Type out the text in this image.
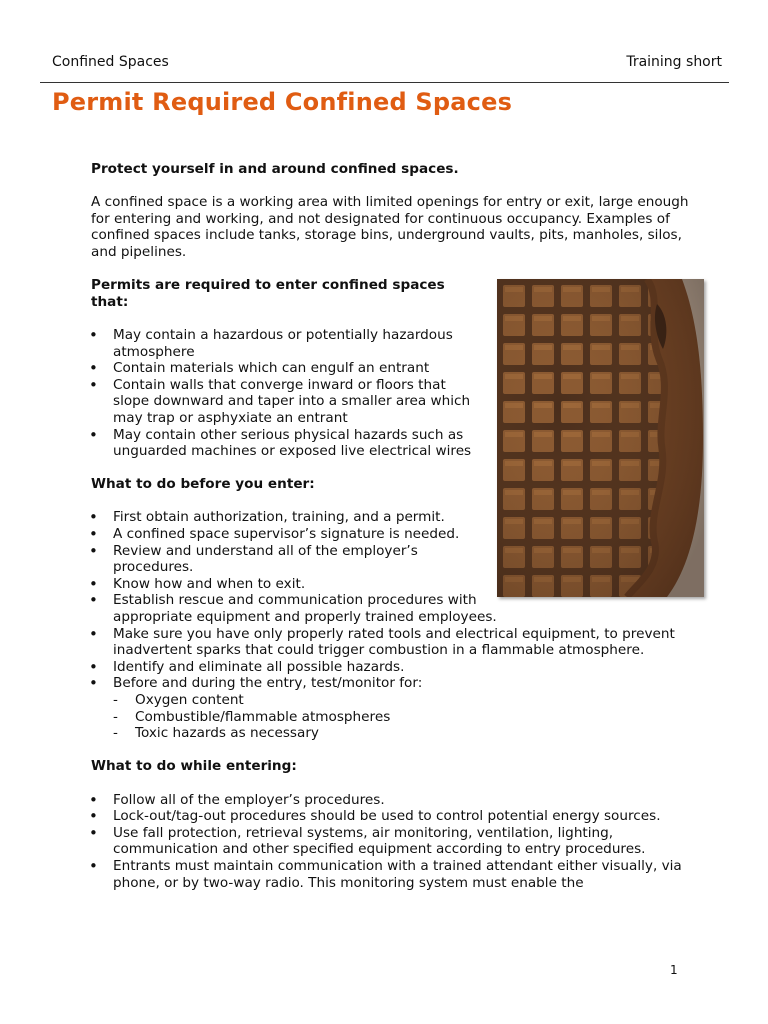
Confined Spaces	Training short
Permit Required Confined Spaces
Protect yourself in and around confined spaces.

A confined space is a working area with limited openings for entry or exit, large enough for entering and working, and not designated for continuous occupancy. Examples of confined spaces include tanks, storage bins, underground vaults, pits, manholes, silos, and pipelines.

Permits are required to enter confined spaces that:
• May contain a hazardous or potentially hazardous atmosphere
• Contain materials which can engulf an entrant
• Contain walls that converge inward or floors that slope downward and taper into a smaller area which may trap or asphyxiate an entrant
• May contain other serious physical hazards such as unguarded machines or exposed live electrical wires
What to do before you enter:
• First obtain authorization, training, and a permit.
• A confined space supervisor’s signature is needed.
• Review and understand all of the employer’s procedures.
• Know how and when to exit.
• Establish rescue and communication procedures with appropriate equipment and properly trained employees.
• Make sure you have only properly rated tools and electrical equipment, to prevent inadvertent sparks that could trigger combustion in a flammable atmosphere.
• Identify and eliminate all possible hazards.
• Before and during the entry, test/monitor for:
- Oxygen content
- Combustible/flammable atmospheres
- Toxic hazards as necessary
What to do while entering:
• Follow all of the employer’s procedures.
• Lock-out/tag-out procedures should be used to control potential energy sources.
• Use fall protection, retrieval systems, air monitoring, ventilation, lighting, communication and other specified equipment according to entry procedures.
• Entrants must maintain communication with a trained attendant either visually, via phone, or by two-way radio. This monitoring system must enable the
1
